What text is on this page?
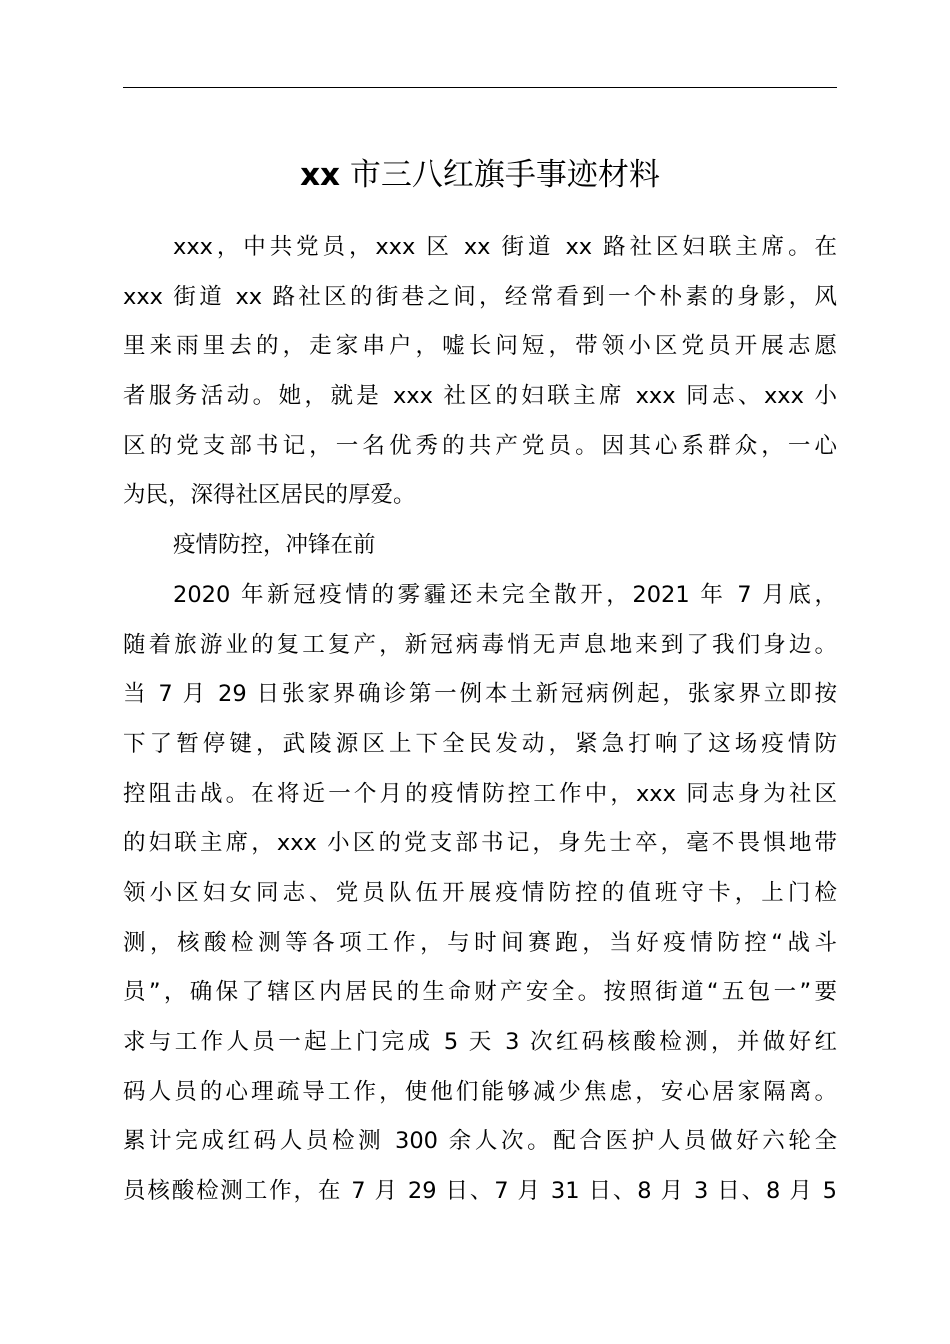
xx 市三八红旗手事迹材料
xxx，中共党员，xxx 区 xx 街道 xx 路社区妇联主席。在
xxx 街道 xx 路社区的街巷之间，经常看到一个朴素的身影，风
里来雨里去的，走家串户，嘘长问短，带领小区党员开展志愿
者服务活动。她，就是 xxx 社区的妇联主席 xxx 同志、xxx 小
区的党支部书记，一名优秀的共产党员。因其心系群众，一心
为民，深得社区居民的厚爱。
疫情防控，冲锋在前
2020 年新冠疫情的雾霾还未完全散开，2021 年 7 月底，
随着旅游业的复工复产，新冠病毒悄无声息地来到了我们身边。
当 7 月 29 日张家界确诊第一例本土新冠病例起，张家界立即按
下了暂停键，武陵源区上下全民发动，紧急打响了这场疫情防
控阻击战。在将近一个月的疫情防控工作中，xxx 同志身为社区
的妇联主席，xxx 小区的党支部书记，身先士卒，毫不畏惧地带
领小区妇女同志、党员队伍开展疫情防控的值班守卡，上门检
测，核酸检测等各项工作，与时间赛跑，当好疫情防控“战斗
员”，确保了辖区内居民的生命财产安全。按照街道“五包一”要
求与工作人员一起上门完成 5 天 3 次红码核酸检测，并做好红
码人员的心理疏导工作，使他们能够减少焦虑，安心居家隔离。
累计完成红码人员检测 300 余人次。配合医护人员做好六轮全
员核酸检测工作，在 7 月 29 日、7 月 31 日、8 月 3 日、8 月 5
